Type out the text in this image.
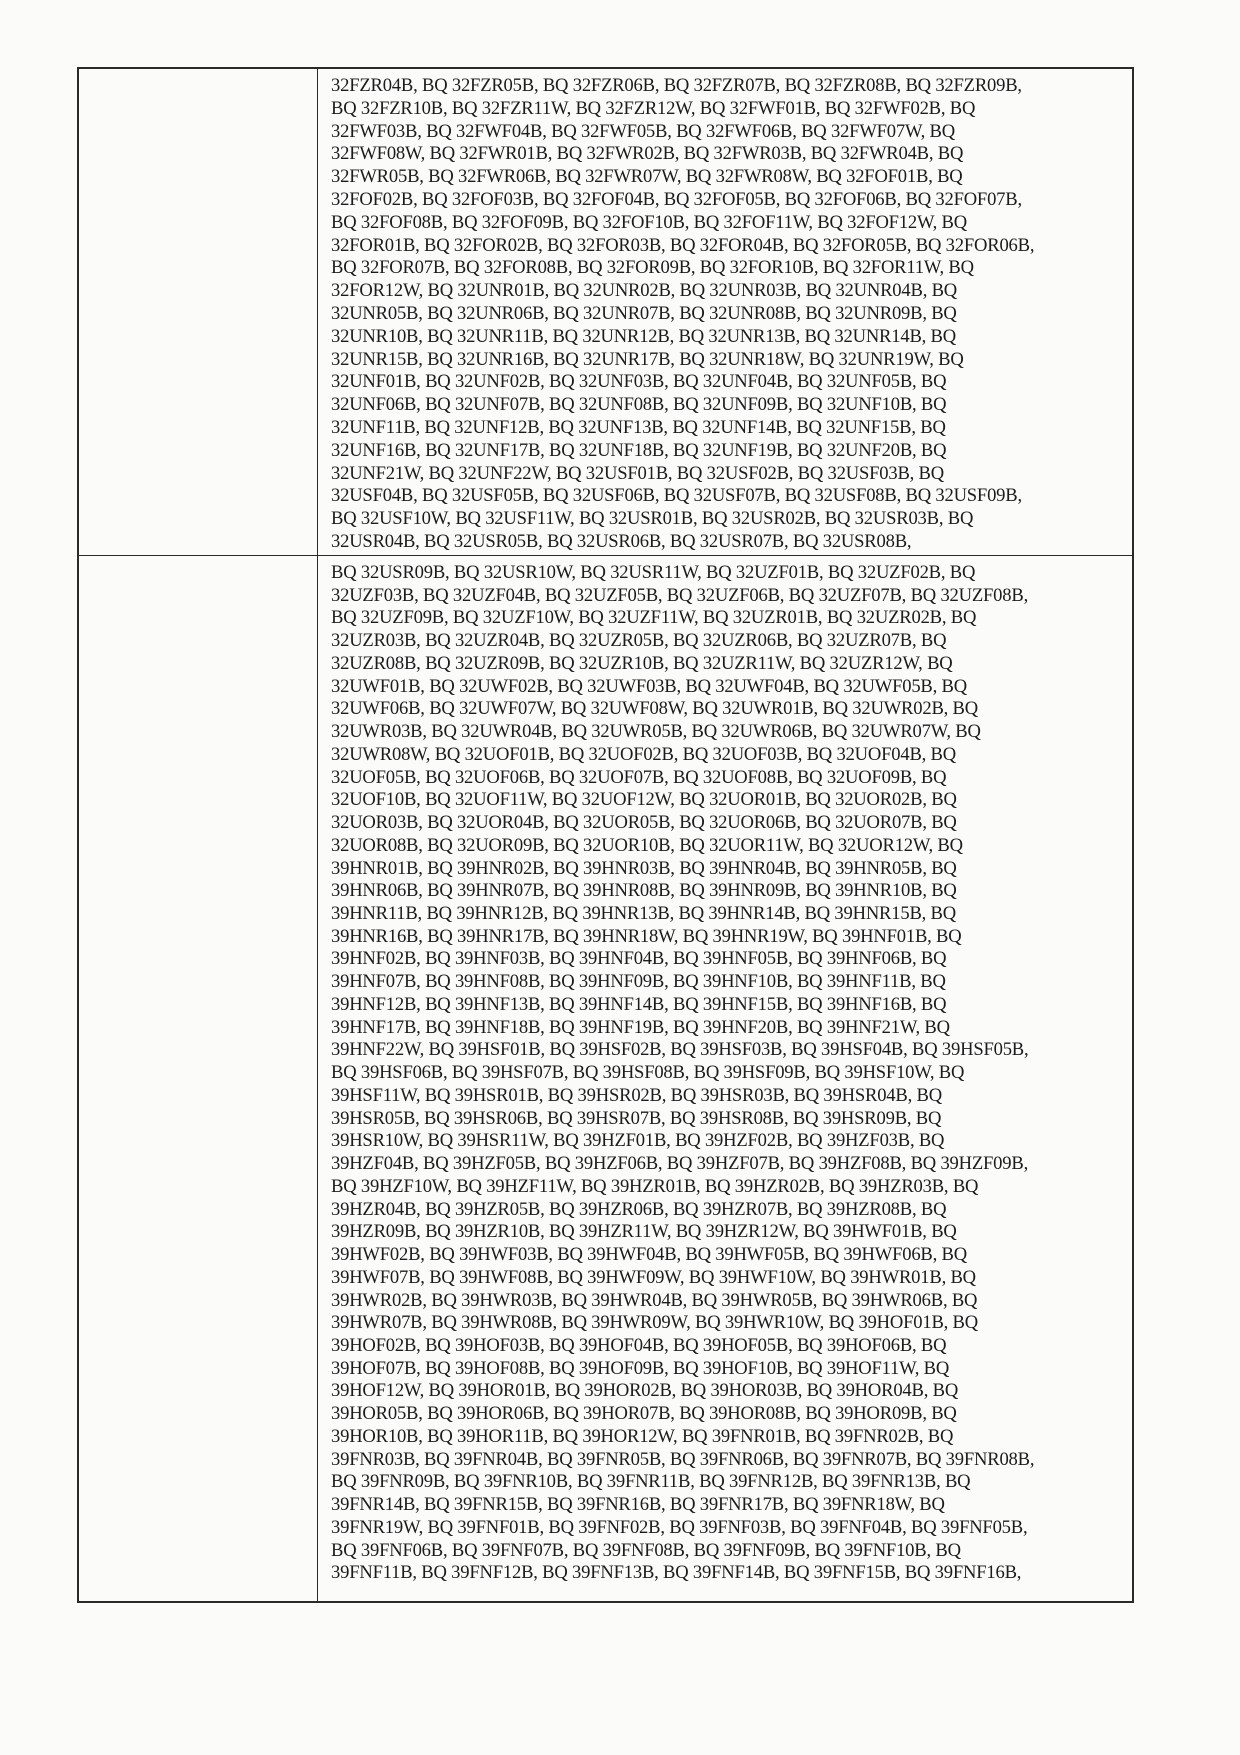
32FZR04B, BQ 32FZR05B, BQ 32FZR06B, BQ 32FZR07B, BQ 32FZR08B, BQ 32FZR09B,
BQ 32FZR10B, BQ 32FZR11W, BQ 32FZR12W, BQ 32FWF01B, BQ 32FWF02B, BQ
32FWF03B, BQ 32FWF04B, BQ 32FWF05B, BQ 32FWF06B, BQ 32FWF07W, BQ
32FWF08W, BQ 32FWR01B, BQ 32FWR02B, BQ 32FWR03B, BQ 32FWR04B, BQ
32FWR05B, BQ 32FWR06B, BQ 32FWR07W, BQ 32FWR08W, BQ 32FOF01B, BQ
32FOF02B, BQ 32FOF03B, BQ 32FOF04B, BQ 32FOF05B, BQ 32FOF06B, BQ 32FOF07B,
BQ 32FOF08B, BQ 32FOF09B, BQ 32FOF10B, BQ 32FOF11W, BQ 32FOF12W, BQ
32FOR01B, BQ 32FOR02B, BQ 32FOR03B, BQ 32FOR04B, BQ 32FOR05B, BQ 32FOR06B,
BQ 32FOR07B, BQ 32FOR08B, BQ 32FOR09B, BQ 32FOR10B, BQ 32FOR11W, BQ
32FOR12W, BQ 32UNR01B, BQ 32UNR02B, BQ 32UNR03B, BQ 32UNR04B, BQ
32UNR05B, BQ 32UNR06B, BQ 32UNR07B, BQ 32UNR08B, BQ 32UNR09B, BQ
32UNR10B, BQ 32UNR11B, BQ 32UNR12B, BQ 32UNR13B, BQ 32UNR14B, BQ
32UNR15B, BQ 32UNR16B, BQ 32UNR17B, BQ 32UNR18W, BQ 32UNR19W, BQ
32UNF01B, BQ 32UNF02B, BQ 32UNF03B, BQ 32UNF04B, BQ 32UNF05B, BQ
32UNF06B, BQ 32UNF07B, BQ 32UNF08B, BQ 32UNF09B, BQ 32UNF10B, BQ
32UNF11B, BQ 32UNF12B, BQ 32UNF13B, BQ 32UNF14B, BQ 32UNF15B, BQ
32UNF16B, BQ 32UNF17B, BQ 32UNF18B, BQ 32UNF19B, BQ 32UNF20B, BQ
32UNF21W, BQ 32UNF22W, BQ 32USF01B, BQ 32USF02B, BQ 32USF03B, BQ
32USF04B, BQ 32USF05B, BQ 32USF06B, BQ 32USF07B, BQ 32USF08B, BQ 32USF09B,
BQ 32USF10W, BQ 32USF11W, BQ 32USR01B, BQ 32USR02B, BQ 32USR03B, BQ
32USR04B, BQ 32USR05B, BQ 32USR06B, BQ 32USR07B, BQ 32USR08B,
BQ 32USR09B, BQ 32USR10W, BQ 32USR11W, BQ 32UZF01B, BQ 32UZF02B, BQ
32UZF03B, BQ 32UZF04B, BQ 32UZF05B, BQ 32UZF06B, BQ 32UZF07B, BQ 32UZF08B,
BQ 32UZF09B, BQ 32UZF10W, BQ 32UZF11W, BQ 32UZR01B, BQ 32UZR02B, BQ
32UZR03B, BQ 32UZR04B, BQ 32UZR05B, BQ 32UZR06B, BQ 32UZR07B, BQ
32UZR08B, BQ 32UZR09B, BQ 32UZR10B, BQ 32UZR11W, BQ 32UZR12W, BQ
32UWF01B, BQ 32UWF02B, BQ 32UWF03B, BQ 32UWF04B, BQ 32UWF05B, BQ
32UWF06B, BQ 32UWF07W, BQ 32UWF08W, BQ 32UWR01B, BQ 32UWR02B, BQ
32UWR03B, BQ 32UWR04B, BQ 32UWR05B, BQ 32UWR06B, BQ 32UWR07W, BQ
32UWR08W, BQ 32UOF01B, BQ 32UOF02B, BQ 32UOF03B, BQ 32UOF04B, BQ
32UOF05B, BQ 32UOF06B, BQ 32UOF07B, BQ 32UOF08B, BQ 32UOF09B, BQ
32UOF10B, BQ 32UOF11W, BQ 32UOF12W, BQ 32UOR01B, BQ 32UOR02B, BQ
32UOR03B, BQ 32UOR04B, BQ 32UOR05B, BQ 32UOR06B, BQ 32UOR07B, BQ
32UOR08B, BQ 32UOR09B, BQ 32UOR10B, BQ 32UOR11W, BQ 32UOR12W, BQ
39HNR01B, BQ 39HNR02B, BQ 39HNR03B, BQ 39HNR04B, BQ 39HNR05B, BQ
39HNR06B, BQ 39HNR07B, BQ 39HNR08B, BQ 39HNR09B, BQ 39HNR10B, BQ
39HNR11B, BQ 39HNR12B, BQ 39HNR13B, BQ 39HNR14B, BQ 39HNR15B, BQ
39HNR16B, BQ 39HNR17B, BQ 39HNR18W, BQ 39HNR19W, BQ 39HNF01B, BQ
39HNF02B, BQ 39HNF03B, BQ 39HNF04B, BQ 39HNF05B, BQ 39HNF06B, BQ
39HNF07B, BQ 39HNF08B, BQ 39HNF09B, BQ 39HNF10B, BQ 39HNF11B, BQ
39HNF12B, BQ 39HNF13B, BQ 39HNF14B, BQ 39HNF15B, BQ 39HNF16B, BQ
39HNF17B, BQ 39HNF18B, BQ 39HNF19B, BQ 39HNF20B, BQ 39HNF21W, BQ
39HNF22W, BQ 39HSF01B, BQ 39HSF02B, BQ 39HSF03B, BQ 39HSF04B, BQ 39HSF05B,
BQ 39HSF06B, BQ 39HSF07B, BQ 39HSF08B, BQ 39HSF09B, BQ 39HSF10W, BQ
39HSF11W, BQ 39HSR01B, BQ 39HSR02B, BQ 39HSR03B, BQ 39HSR04B, BQ
39HSR05B, BQ 39HSR06B, BQ 39HSR07B, BQ 39HSR08B, BQ 39HSR09B, BQ
39HSR10W, BQ 39HSR11W, BQ 39HZF01B, BQ 39HZF02B, BQ 39HZF03B, BQ
39HZF04B, BQ 39HZF05B, BQ 39HZF06B, BQ 39HZF07B, BQ 39HZF08B, BQ 39HZF09B,
BQ 39HZF10W, BQ 39HZF11W, BQ 39HZR01B, BQ 39HZR02B, BQ 39HZR03B, BQ
39HZR04B, BQ 39HZR05B, BQ 39HZR06B, BQ 39HZR07B, BQ 39HZR08B, BQ
39HZR09B, BQ 39HZR10B, BQ 39HZR11W, BQ 39HZR12W, BQ 39HWF01B, BQ
39HWF02B, BQ 39HWF03B, BQ 39HWF04B, BQ 39HWF05B, BQ 39HWF06B, BQ
39HWF07B, BQ 39HWF08B, BQ 39HWF09W, BQ 39HWF10W, BQ 39HWR01B, BQ
39HWR02B, BQ 39HWR03B, BQ 39HWR04B, BQ 39HWR05B, BQ 39HWR06B, BQ
39HWR07B, BQ 39HWR08B, BQ 39HWR09W, BQ 39HWR10W, BQ 39HOF01B, BQ
39HOF02B, BQ 39HOF03B, BQ 39HOF04B, BQ 39HOF05B, BQ 39HOF06B, BQ
39HOF07B, BQ 39HOF08B, BQ 39HOF09B, BQ 39HOF10B, BQ 39HOF11W, BQ
39HOF12W, BQ 39HOR01B, BQ 39HOR02B, BQ 39HOR03B, BQ 39HOR04B, BQ
39HOR05B, BQ 39HOR06B, BQ 39HOR07B, BQ 39HOR08B, BQ 39HOR09B, BQ
39HOR10B, BQ 39HOR11B, BQ 39HOR12W, BQ 39FNR01B, BQ 39FNR02B, BQ
39FNR03B, BQ 39FNR04B, BQ 39FNR05B, BQ 39FNR06B, BQ 39FNR07B, BQ 39FNR08B,
BQ 39FNR09B, BQ 39FNR10B, BQ 39FNR11B, BQ 39FNR12B, BQ 39FNR13B, BQ
39FNR14B, BQ 39FNR15B, BQ 39FNR16B, BQ 39FNR17B, BQ 39FNR18W, BQ
39FNR19W, BQ 39FNF01B, BQ 39FNF02B, BQ 39FNF03B, BQ 39FNF04B, BQ 39FNF05B,
BQ 39FNF06B, BQ 39FNF07B, BQ 39FNF08B, BQ 39FNF09B, BQ 39FNF10B, BQ
39FNF11B, BQ 39FNF12B, BQ 39FNF13B, BQ 39FNF14B, BQ 39FNF15B, BQ 39FNF16B,
